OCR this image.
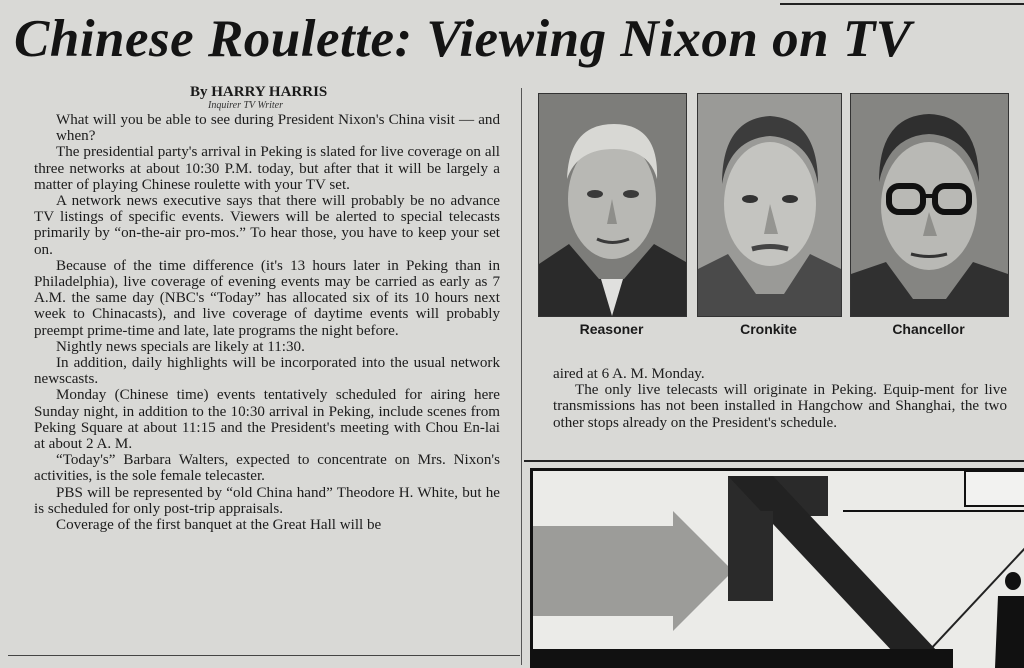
Chinese Roulette: Viewing Nixon on TV
By HARRY HARRIS
Inquirer TV Writer

What will you be able to see during President Nixon's China visit — and when?

The presidential party's arrival in Peking is slated for live coverage on all three networks at about 10:30 P.M. today, but after that it will be largely a matter of playing Chinese roulette with your TV set.

A network news executive says that there will probably be no advance TV listings of specific events. Viewers will be alerted to special telecasts primarily by “on-the-air pro-mos.” To hear those, you have to keep your set on.

Because of the time difference (it's 13 hours later in Peking than in Philadelphia), live coverage of evening events may be carried as early as 7 A.M. the same day (NBC's “Today” has allocated six of its 10 hours next week to Chinacasts), and live coverage of daytime events will probably preempt prime-time and late, late programs the night before.

Nightly news specials are likely at 11:30.

In addition, daily highlights will be incorporated into the usual network newscasts.

Monday (Chinese time) events tentatively scheduled for airing here Sunday night, in addition to the 10:30 arrival in Peking, include scenes from Peking Square at about 11:15 and the President's meeting with Chou En-lai at about 2 A. M.

“Today's” Barbara Walters, expected to concentrate on Mrs. Nixon's activities, is the sole female telecaster.

PBS will be represented by “old China hand” Theodore H. White, but he is scheduled for only post-trip appraisals.

Coverage of the first banquet at the Great Hall will be

Reasoner	Cronkite	Chancellor

aired at 6 A. M. Monday.

The only live telecasts will originate in Peking. Equip-ment for live transmissions has not been installed in Hangchow and Shanghai, the two other stops already on the President's schedule.
